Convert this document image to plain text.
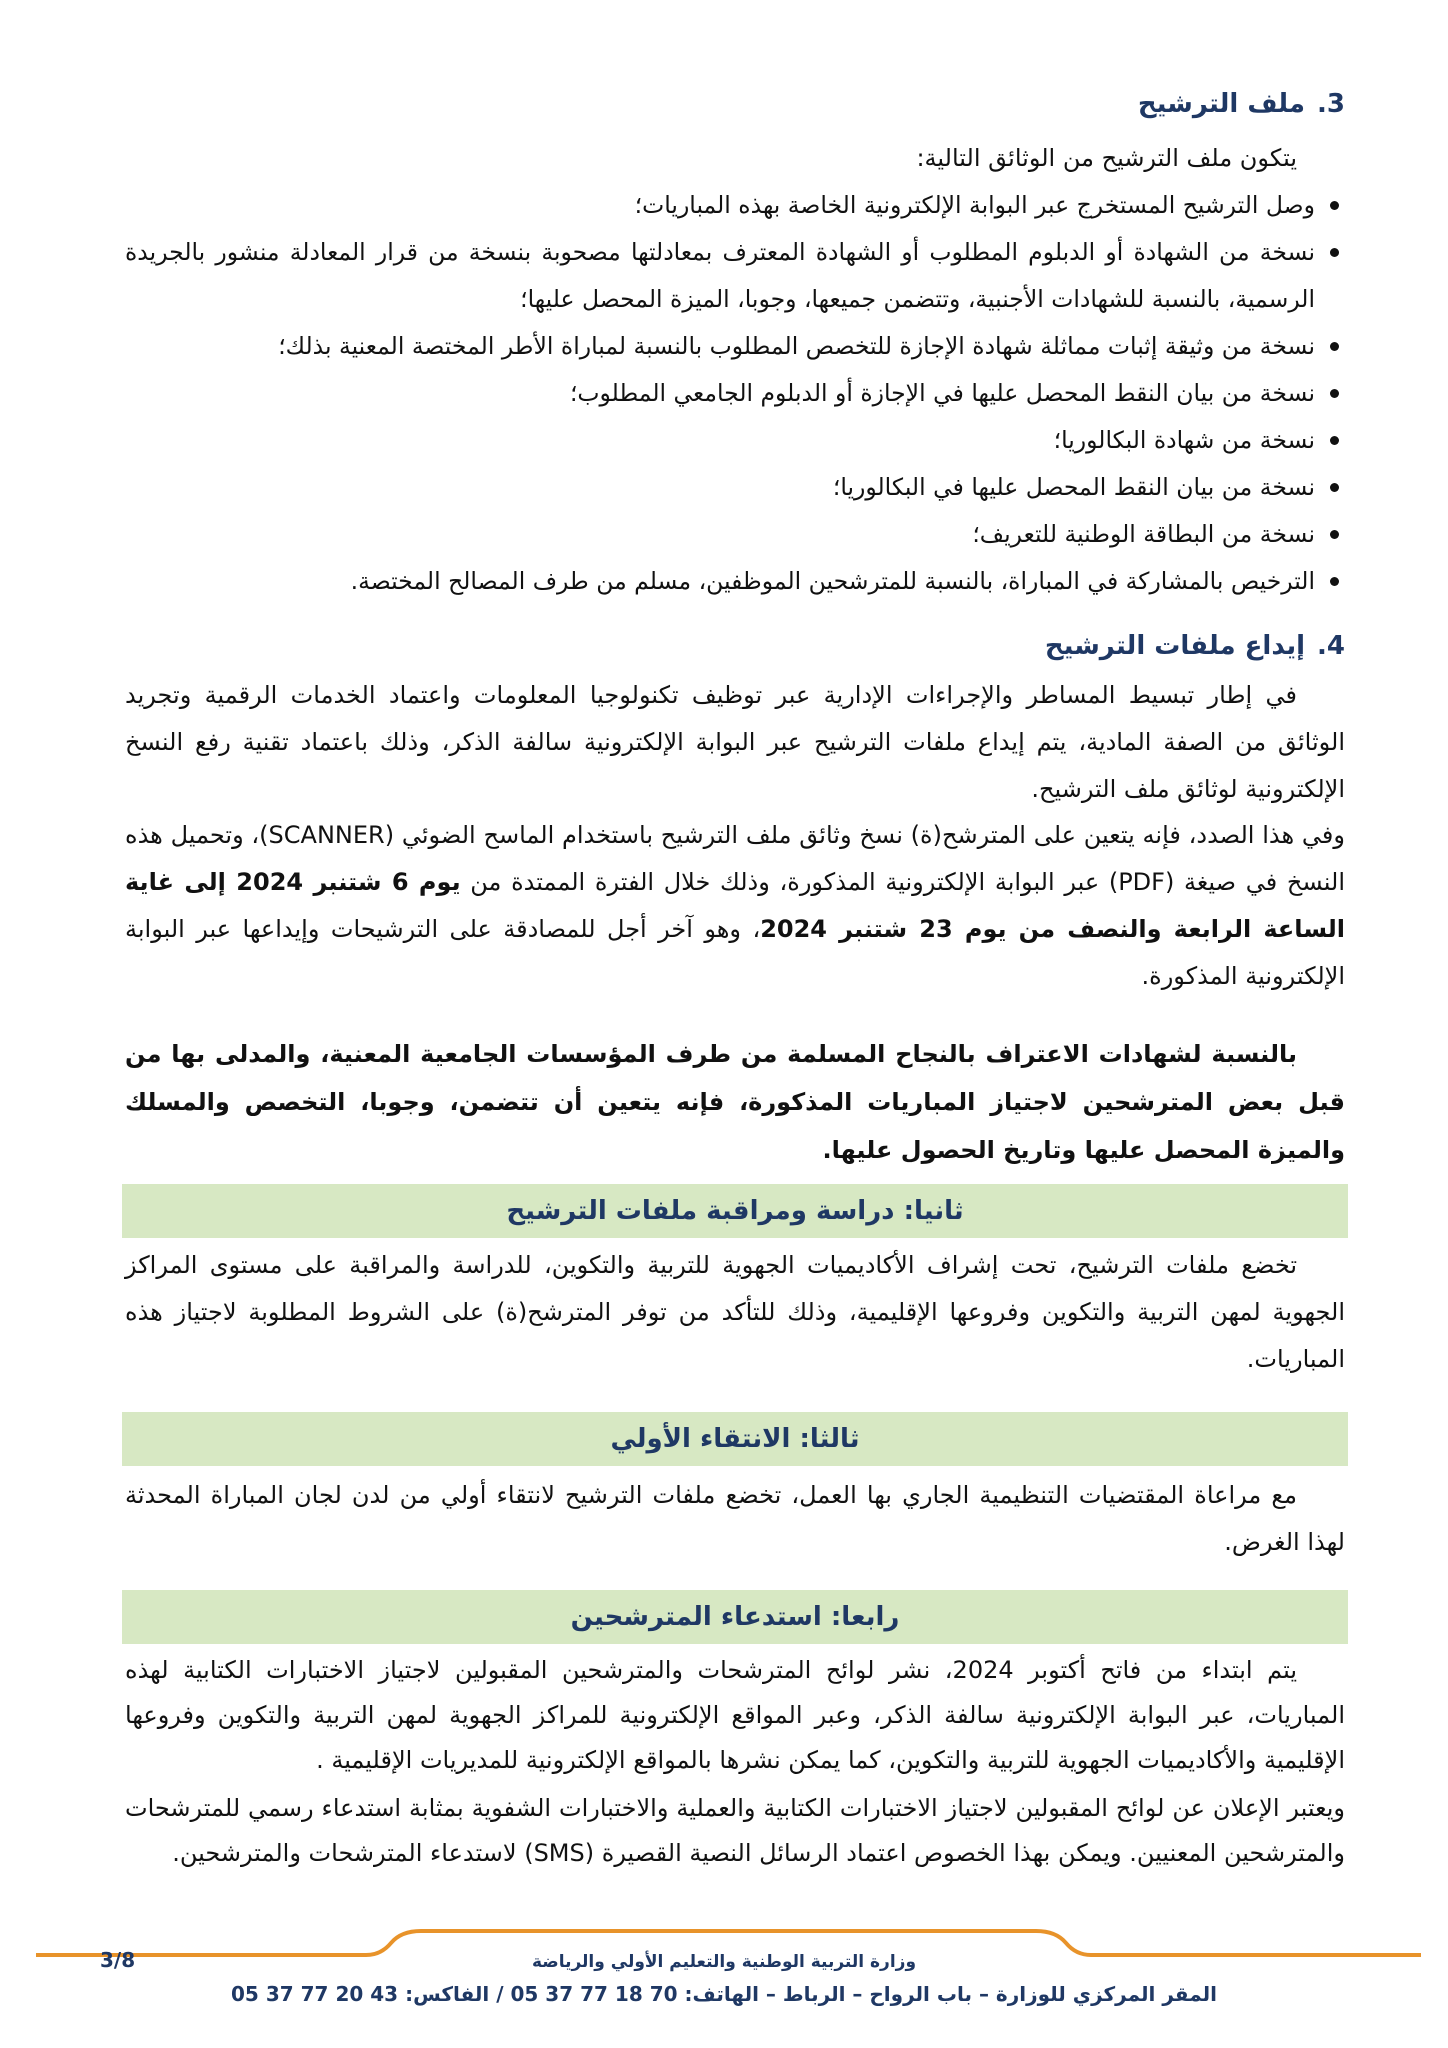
3.ملف الترشيح
يتكون ملف الترشيح من الوثائق التالية:
وصل الترشيح المستخرج عبر البوابة الإلكترونية الخاصة بهذه المباريات؛
نسخة من الشهادة أو الدبلوم المطلوب أو الشهادة المعترف بمعادلتها مصحوبة بنسخة من قرار المعادلة منشور بالجريدة الرسمية، بالنسبة للشهادات الأجنبية، وتتضمن جميعها، وجوبا، الميزة المحصل عليها؛
نسخة من وثيقة إثبات مماثلة شهادة الإجازة للتخصص المطلوب بالنسبة لمباراة الأطر المختصة المعنية بذلك؛
نسخة من بيان النقط المحصل عليها في الإجازة أو الدبلوم الجامعي المطلوب؛
نسخة من شهادة البكالوريا؛
نسخة من بيان النقط المحصل عليها في البكالوريا؛
نسخة من البطاقة الوطنية للتعريف؛
الترخيص بالمشاركة في المباراة، بالنسبة للمترشحين الموظفين، مسلم من طرف المصالح المختصة.
4.إيداع ملفات الترشيح
في إطار تبسيط المساطر والإجراءات الإدارية عبر توظيف تكنولوجيا المعلومات واعتماد الخدمات الرقمية وتجريد الوثائق من الصفة المادية، يتم إيداع ملفات الترشيح عبر البوابة الإلكترونية سالفة الذكر، وذلك باعتماد تقنية رفع النسخ الإلكترونية لوثائق ملف الترشيح.
وفي هذا الصدد، فإنه يتعين على المترشح(ة) نسخ وثائق ملف الترشيح باستخدام الماسح الضوئي (SCANNER)، وتحميل هذه النسخ في صيغة (PDF) عبر البوابة الإلكترونية المذكورة، وذلك خلال الفترة الممتدة من يوم 6 شتنبر 2024 إلى غاية الساعة الرابعة والنصف من يوم 23 شتنبر 2024، وهو آخر أجل للمصادقة على الترشيحات وإيداعها عبر البوابة الإلكترونية المذكورة.
بالنسبة لشهادات الاعتراف بالنجاح المسلمة من طرف المؤسسات الجامعية المعنية، والمدلى بها من قبل بعض المترشحين لاجتياز المباريات المذكورة، فإنه يتعين أن تتضمن، وجوبا، التخصص والمسلك والميزة المحصل عليها وتاريخ الحصول عليها.
ثانيا: دراسة ومراقبة ملفات الترشيح
تخضع ملفات الترشيح، تحت إشراف الأكاديميات الجهوية للتربية والتكوين، للدراسة والمراقبة على مستوى المراكز الجهوية لمهن التربية والتكوين وفروعها الإقليمية، وذلك للتأكد من توفر المترشح(ة) على الشروط المطلوبة لاجتياز هذه المباريات.
ثالثا: الانتقاء الأولي
مع مراعاة المقتضيات التنظيمية الجاري بها العمل، تخضع ملفات الترشيح لانتقاء أولي من لدن لجان المباراة المحدثة لهذا الغرض.
رابعا: استدعاء المترشحين
يتم ابتداء من فاتح أكتوبر 2024، نشر لوائح المترشحات والمترشحين المقبولين لاجتياز الاختبارات الكتابية لهذه المباريات، عبر البوابة الإلكترونية سالفة الذكر، وعبر المواقع الإلكترونية للمراكز الجهوية لمهن التربية والتكوين وفروعها الإقليمية والأكاديميات الجهوية للتربية والتكوين، كما يمكن نشرها بالمواقع الإلكترونية للمديريات الإقليمية .
ويعتبر الإعلان عن لوائح المقبولين لاجتياز الاختبارات الكتابية والعملية والاختبارات الشفوية بمثابة استدعاء رسمي للمترشحات والمترشحين المعنيين. ويمكن بهذا الخصوص اعتماد الرسائل النصية القصيرة (SMS) لاستدعاء المترشحات والمترشحين.
3/8	وزارة التربية الوطنية والتعليم الأولي والرياضة
المقر المركزي للوزارة – باب الرواح – الرباط – الهاتف: 70 18 77 37 05 / الفاكس: 43 20 77 37 05
